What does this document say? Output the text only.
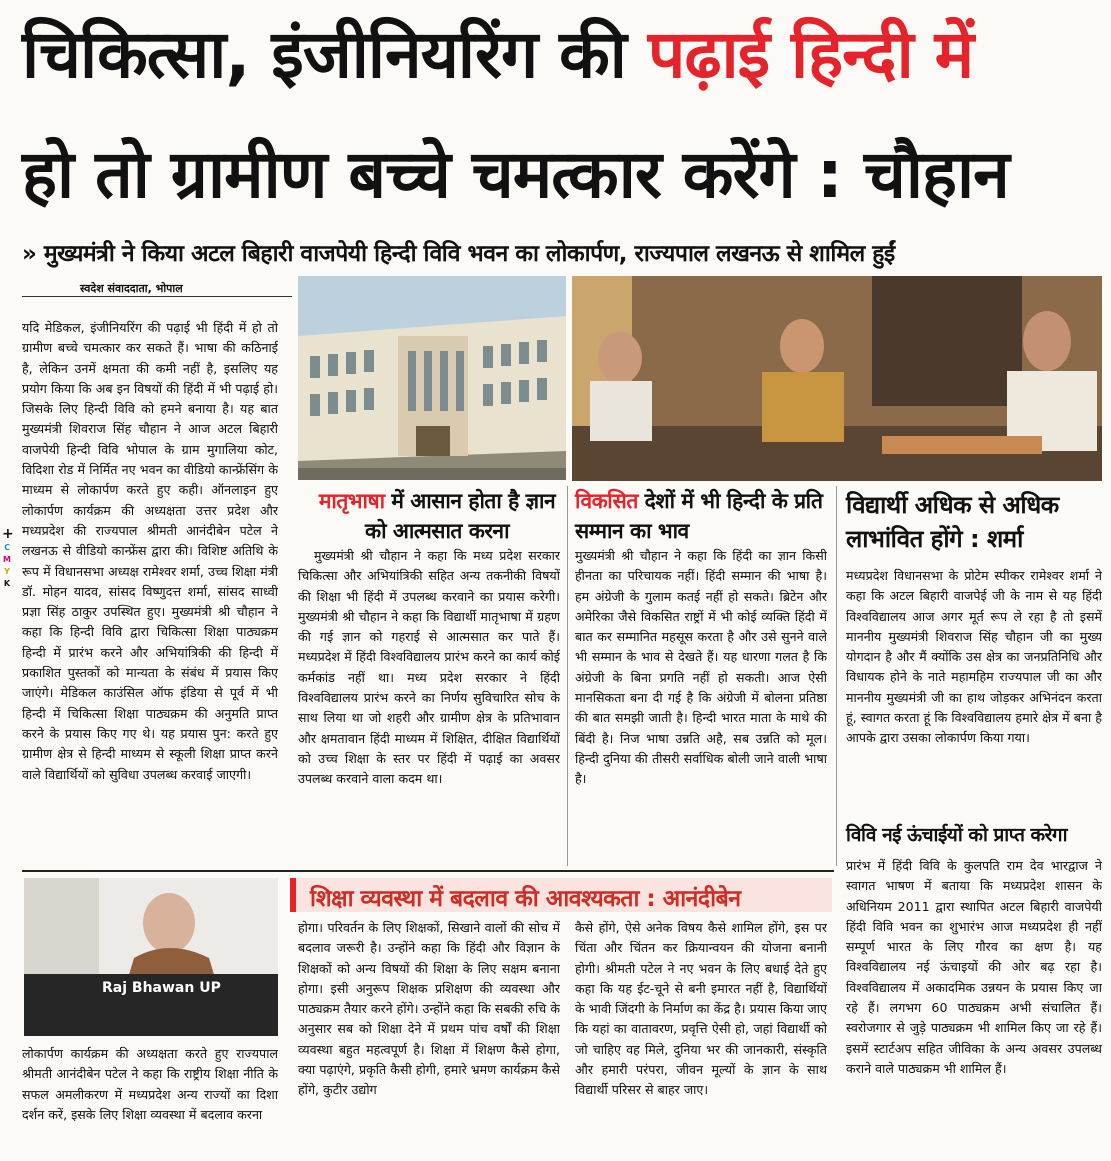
चिकित्सा, इंजीनियरिंग की पढ़ाई हिन्दी में
हो तो ग्रामीण बच्चे चमत्कार करेंगे : चौहान
» मुख्यमंत्री ने किया अटल बिहारी वाजपेयी हिन्दी विवि भवन का लोकार्पण, राज्यपाल लखनऊ से शामिल हुईं
स्वदेश संवाददाता, भोपाल
+
C
M
Y
K
यदि मेडिकल, इंजीनियरिंग की पढ़ाई भी हिंदी में हो तो ग्रामीण बच्चे चमत्कार कर सकते हैं। भाषा की कठिनाई है, लेकिन उनमें क्षमता की कमी नहीं है, इसलिए यह प्रयोग किया कि अब इन विषयों की हिंदी में भी पढ़ाई हो। जिसके लिए हिन्दी विवि को हमने बनाया है। यह बात मुख्यमंत्री शिवराज सिंह चौहान ने आज अटल बिहारी वाजपेयी हिन्दी विवि भोपाल के ग्राम मुगालिया कोट, विदिशा रोड में निर्मित नए भवन का वीडियो कान्फ्रेंसिंग के माध्यम से लोकार्पण करते हुए कही। ऑनलाइन हुए लोकार्पण कार्यक्रम की अध्यक्षता उत्तर प्रदेश और मध्यप्रदेश की राज्यपाल श्रीमती आनंदीबेन पटेल ने लखनऊ से वीडियो कान्फ्रेंस द्वारा की। विशिष्ट अतिथि के रूप में विधानसभा अध्यक्ष रामेश्वर शर्मा, उच्च शिक्षा मंत्री डॉ. मोहन यादव, सांसद विष्णुदत्त शर्मा, सांसद साध्वी प्रज्ञा सिंह ठाकुर उपस्थित हुए। मुख्यमंत्री श्री चौहान ने कहा कि हिन्दी विवि द्वारा चिकित्सा शिक्षा पाठ्यक्रम हिन्दी में प्रारंभ करने और अभियांत्रिकी की हिन्दी में प्रकाशित पुस्तकों को मान्यता के संबंध में प्रयास किए जाएंगे। मेडिकल काउंसिल ऑफ इंडिया से पूर्व में भी हिन्दी में चिकित्सा शिक्षा पाठ्यक्रम की अनुमति प्राप्त करने के प्रयास किए गए थे। यह प्रयास पुन: करते हुए ग्रामीण क्षेत्र से हिन्दी माध्यम से स्कूली शिक्षा प्राप्त करने वाले विद्यार्थियों को सुविधा उपलब्ध करवाई जाएगी।
मातृभाषा में आसान होता है ज्ञान को आत्मसात करना
मुख्यमंत्री श्री चौहान ने कहा कि मध्य प्रदेश सरकार चिकित्सा और अभियांत्रिकी सहित अन्य तकनीकी विषयों की शिक्षा भी हिंदी में उपलब्ध करवाने का प्रयास करेगी। मुख्यमंत्री श्री चौहान ने कहा कि विद्यार्थी मातृभाषा में ग्रहण की गई ज्ञान को गहराई से आत्मसात कर पाते हैं। मध्यप्रदेश में हिंदी विश्वविद्यालय प्रारंभ करने का कार्य कोई कर्मकांड नहीं था। मध्य प्रदेश सरकार ने हिंदी विश्वविद्यालय प्रारंभ करने का निर्णय सुविचारित सोच के साथ लिया था जो शहरी और ग्रामीण क्षेत्र के प्रतिभावान और क्षमतावान हिंदी माध्यम में शिक्षित, दीक्षित विद्यार्थियों को उच्च शिक्षा के स्तर पर हिंदी में पढ़ाई का अवसर उपलब्ध करवाने वाला कदम था।
विकसित देशों में भी हिन्दी के प्रति सम्मान का भाव
मुख्यमंत्री श्री चौहान ने कहा कि हिंदी का ज्ञान किसी हीनता का परिचायक नहीं। हिंदी सम्मान की भाषा है। हम अंग्रेजी के गुलाम कतई नहीं हो सकते। ब्रिटेन और अमेरिका जैसे विकसित राष्ट्रों में भी कोई व्यक्ति हिंदी में बात कर सम्मानित महसूस करता है और उसे सुनने वाले भी सम्मान के भाव से देखते हैं। यह धारणा गलत है कि अंग्रेजी के बिना प्रगति नहीं हो सकती। आज ऐसी मानसिकता बना दी गई है कि अंग्रेजी में बोलना प्रतिष्ठा की बात समझी जाती है। हिन्दी भारत माता के माथे की बिंदी है। निज भाषा उन्नति अहै, सब उन्नति को मूल। हिन्दी दुनिया की तीसरी सर्वाधिक बोली जाने वाली भाषा है।
विद्यार्थी अधिक से अधिक लाभांवित होंगे : शर्मा
मध्यप्रदेश विधानसभा के प्रोटेम स्पीकर रामेश्वर शर्मा ने कहा कि अटल बिहारी वाजपेई जी के नाम से यह हिंदी विश्वविद्यालय आज अगर मूर्त रूप ले रहा है तो इसमें माननीय मुख्यमंत्री शिवराज सिंह चौहान जी का मुख्य योगदान है और मैं क्योंकि उस क्षेत्र का जनप्रतिनिधि और विधायक होने के नाते महामहिम राज्यपाल जी का और माननीय मुख्यमंत्री जी का हाथ जोड़कर अभिनंदन करता हूं, स्वागत करता हूं कि विश्वविद्यालय हमारे क्षेत्र में बना है आपके द्वारा उसका लोकार्पण किया गया।
विवि नई ऊंचाईयों को प्राप्त करेगा
प्रारंभ में हिंदी विवि के कुलपति राम देव भारद्वाज ने स्वागत भाषण में बताया कि मध्यप्रदेश शासन के अधिनियम 2011 द्वारा स्थापित अटल बिहारी वाजपेयी हिंदी विवि भवन का शुभारंभ आज मध्यप्रदेश ही नहीं सम्पूर्ण भारत के लिए गौरव का क्षण है। यह विश्वविद्यालय नई ऊंचाइयों की ओर बढ़ रहा है। विश्वविद्यालय में अकादमिक उन्नयन के प्रयास किए जा रहे हैं। लगभग 60 पाठ्यक्रम अभी संचालित हैं। स्वरोजगार से जुड़े पाठ्यक्रम भी शामिल किए जा रहे हैं। इसमें स्टार्टअप सहित जीविका के अन्य अवसर उपलब्ध कराने वाले पाठ्यक्रम भी शामिल हैं।
Raj Bhawan UP
शिक्षा व्यवस्था में बदलाव की आवश्यकता : आनंदीबेन
लोकार्पण कार्यक्रम की अध्यक्षता करते हुए राज्यपाल श्रीमती आनंदीबेन पटेल ने कहा कि राष्ट्रीय शिक्षा नीति के सफल अमलीकरण में मध्यप्रदेश अन्य राज्यों का दिशा दर्शन करें, इसके लिए शिक्षा व्यवस्था में बदलाव करना
होगा। परिवर्तन के लिए शिक्षकों, सिखाने वालों की सोच में बदलाव जरूरी है। उन्होंने कहा कि हिंदी और विज्ञान के शिक्षकों को अन्य विषयों की शिक्षा के लिए सक्षम बनाना होगा। इसी अनुरूप शिक्षक प्रशिक्षण की व्यवस्था और पाठ्यक्रम तैयार करने होंगे। उन्होंने कहा कि सबकी रुचि के अनुसार सब को शिक्षा देने में प्रथम पांच वर्षों की शिक्षा व्यवस्था बहुत महत्वपूर्ण है। शिक्षा में शिक्षण कैसे होगा, क्या पढ़ाएंगे, प्रकृति कैसी होगी, हमारे भ्रमण कार्यक्रम कैसे होंगे, कुटीर उद्योग
कैसे होंगे, ऐसे अनेक विषय कैसे शामिल होंगे, इस पर चिंता और चिंतन कर क्रियान्वयन की योजना बनानी होगी। श्रीमती पटेल ने नए भवन के लिए बधाई देते हुए कहा कि यह ईट-चूने से बनी इमारत नहीं है, विद्यार्थियों के भावी जिंदगी के निर्माण का केंद्र है। प्रयास किया जाए कि यहां का वातावरण, प्रवृत्ति ऐसी हो, जहां विद्यार्थी को जो चाहिए वह मिले, दुनिया भर की जानकारी, संस्कृति और हमारी परंपरा, जीवन मूल्यों के ज्ञान के साथ विद्यार्थी परिसर से बाहर जाए।
